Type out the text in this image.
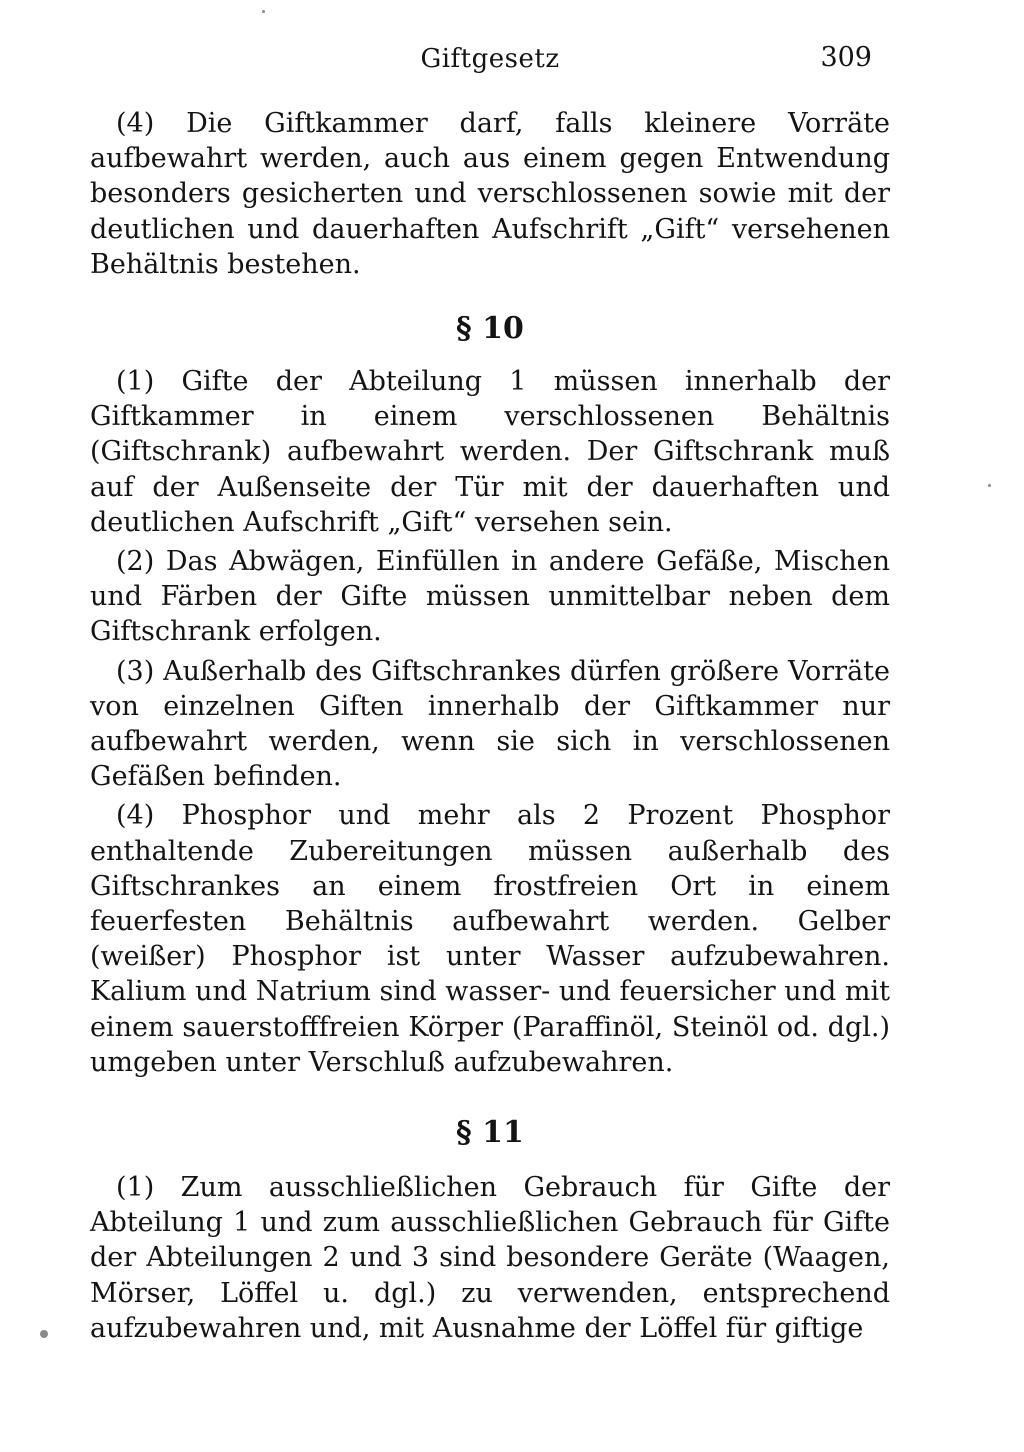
Giftgesetz	309

(4) Die Giftkammer darf, falls kleinere Vorräte aufbewahrt werden, auch aus einem gegen Entwendung besonders gesicherten und verschlossenen sowie mit der deutlichen und dauerhaften Aufschrift „Gift“ versehenen Behältnis bestehen.

§ 10

(1) Gifte der Abteilung 1 müssen innerhalb der Giftkammer in einem verschlossenen Behältnis (Giftschrank) aufbewahrt werden. Der Giftschrank muß auf der Außenseite der Tür mit der dauerhaften und deutlichen Aufschrift „Gift“ versehen sein.

(2) Das Abwägen, Einfüllen in andere Gefäße, Mischen und Färben der Gifte müssen unmittelbar neben dem Giftschrank erfolgen.

(3) Außerhalb des Giftschrankes dürfen größere Vorräte von einzelnen Giften innerhalb der Giftkammer nur aufbewahrt werden, wenn sie sich in verschlossenen Gefäßen befinden.

(4) Phosphor und mehr als 2 Prozent Phosphor enthaltende Zubereitungen müssen außerhalb des Giftschrankes an einem frostfreien Ort in einem feuerfesten Behältnis aufbewahrt werden. Gelber (weißer) Phosphor ist unter Wasser aufzubewahren. Kalium und Natrium sind wasser- und feuersicher und mit einem sauerstofffreien Körper (Paraffinöl, Steinöl od. dgl.) umgeben unter Verschluß aufzubewahren.

§ 11

(1) Zum ausschließlichen Gebrauch für Gifte der Abteilung 1 und zum ausschließlichen Gebrauch für Gifte der Abteilungen 2 und 3 sind besondere Geräte (Waagen, Mörser, Löffel u. dgl.) zu verwenden, entsprechend aufzubewahren und, mit Ausnahme der Löffel für giftige
